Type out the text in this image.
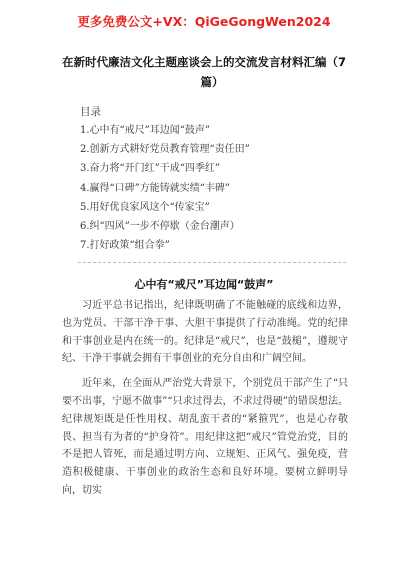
更多免费公文+VX：QiGeGongWen2024
在新时代廉洁文化主题座谈会上的交流发言材料汇编（7
篇）
目录
1.心中有“戒尺”耳边闻“鼓声”
2.创新方式耕好党员教育管理“责任田”
3.奋力将“开门红”干成“四季红”
4.赢得“口碑”方能铸就实绩“丰碑”
5.用好优良家风这个“传家宝”
6.纠“四风”一步不停歇（金台潮声）
7.打好政策“组合拳”
心中有“戒尺”耳边闻“鼓声”

习近平总书记指出，纪律既明确了不能触碰的底线和边界，也为党员、干部干净干事、大胆干事提供了行动准绳。党的纪律和干事创业是内在统一的。纪律是“戒尺”，也是“鼓槌”，遵规守纪、干净干事就会拥有干事创业的充分自由和广阔空间。

近年来，在全面从严治党大背景下，个别党员干部产生了“只要不出事，宁愿不做事”“只求过得去，不求过得硬”的错误想法。纪律规矩既是任性用权、胡乱蛮干者的“紧箍咒”，也是心存敬畏、担当有为者的“护身符”。用纪律这把“戒尺”管党治党，目的不是把人管死，而是通过明方向、立规矩、正风气、强免疫，营造积极健康、干事创业的政治生态和良好环境。要树立鲜明导向，切实
